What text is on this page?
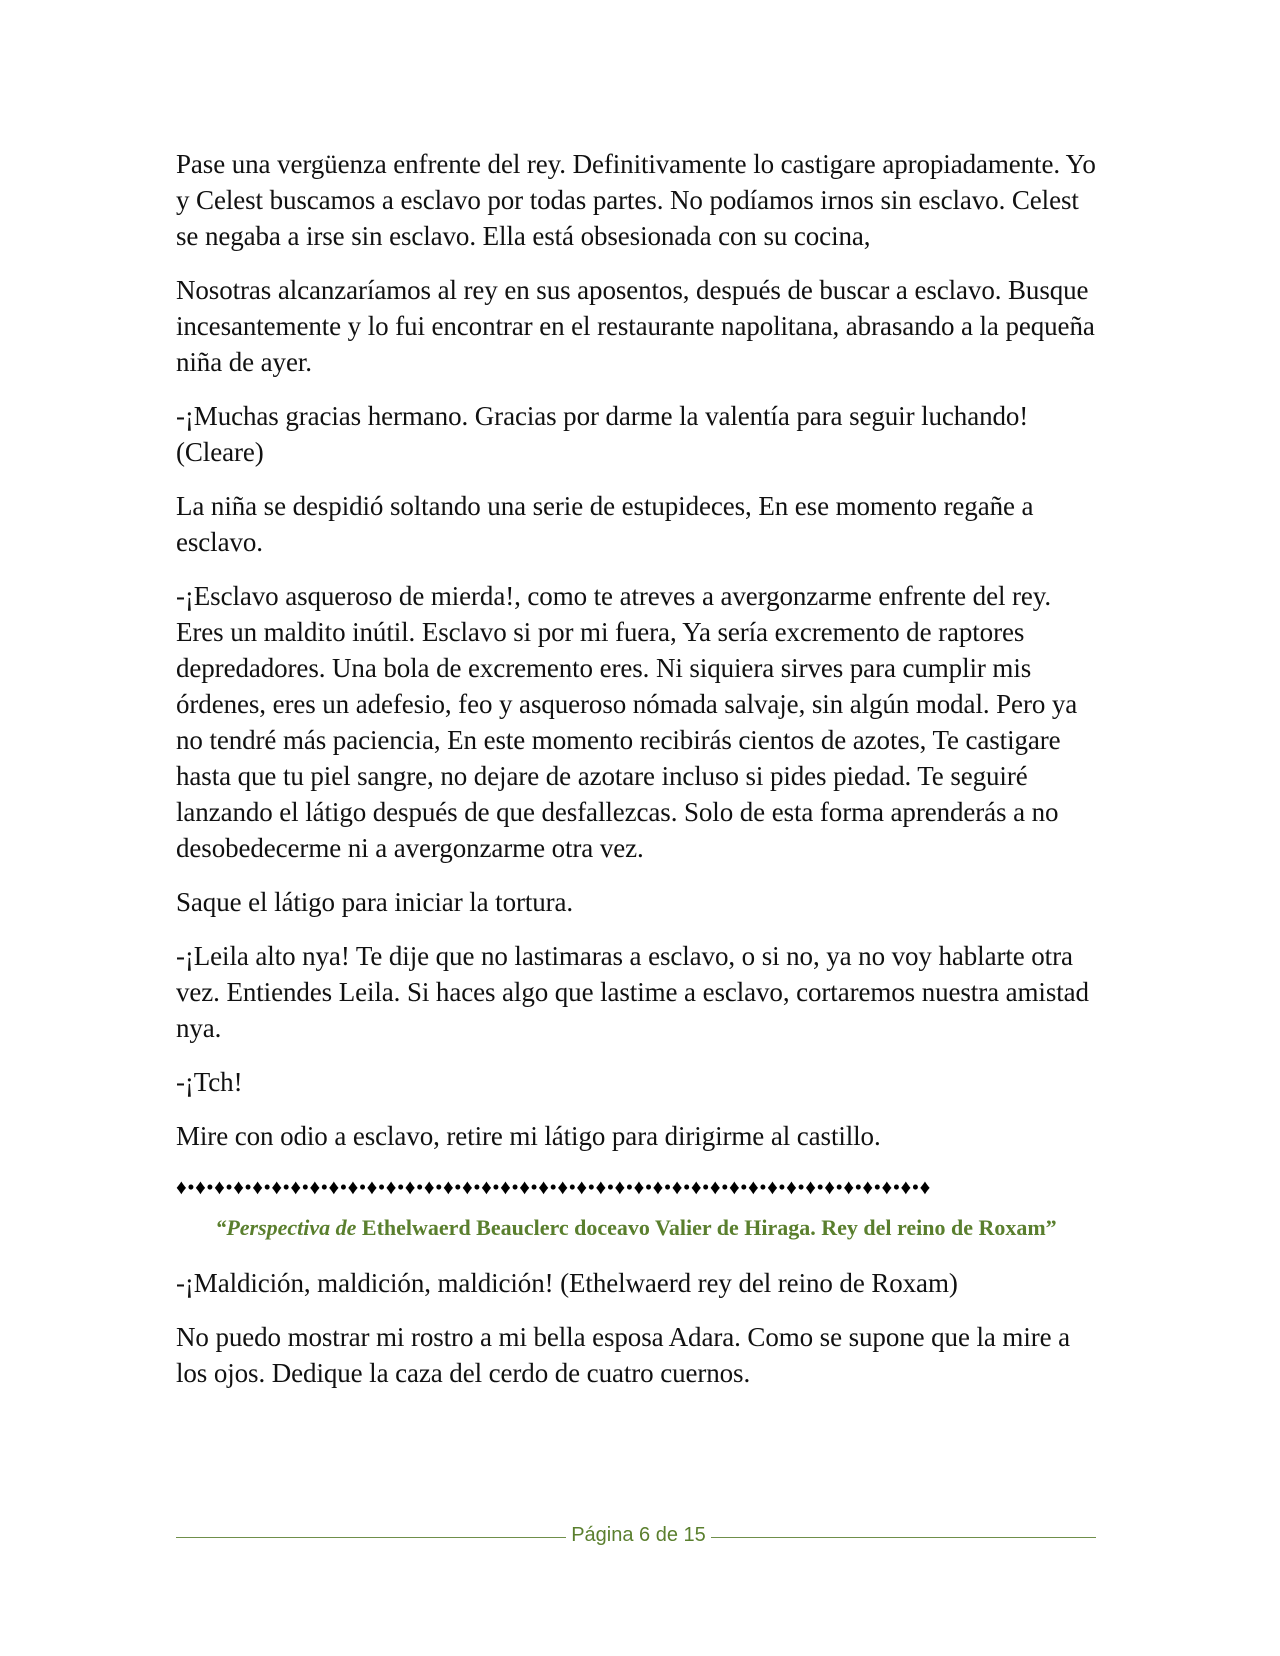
Pase una vergüenza enfrente del rey. Definitivamente lo castigare apropiadamente. Yo y Celest buscamos a esclavo por todas partes. No podíamos irnos sin esclavo. Celest se negaba a irse sin esclavo. Ella está obsesionada con su cocina,

Nosotras alcanzaríamos al rey en sus aposentos, después de buscar a esclavo. Busque incesantemente y lo fui encontrar en el restaurante napolitana, abrasando a la pequeña niña de ayer.

-¡Muchas gracias hermano. Gracias por darme la valentía para seguir luchando! (Cleare)

La niña se despidió soltando una serie de estupideces, En ese momento regañe a esclavo.

-¡Esclavo asqueroso de mierda!, como te atreves a avergonzarme enfrente del rey. Eres un maldito inútil. Esclavo si por mi fuera, Ya sería excremento de raptores depredadores. Una bola de excremento eres. Ni siquiera sirves para cumplir mis órdenes, eres un adefesio, feo y asqueroso nómada salvaje, sin algún modal. Pero ya no tendré más paciencia, En este momento recibirás cientos de azotes, Te castigare hasta que tu piel sangre, no dejare de azotare incluso si pides piedad. Te seguiré lanzando el látigo después de que desfallezcas. Solo de esta forma aprenderás a no desobedecerme ni a avergonzarme otra vez.

Saque el látigo para iniciar la tortura.

-¡Leila alto nya! Te dije que no lastimaras a esclavo, o si no, ya no voy hablarte otra vez. Entiendes Leila. Si haces algo que lastime a esclavo, cortaremos nuestra amistad nya.

-¡Tch!

Mire con odio a esclavo, retire mi látigo para dirigirme al castillo.

♦•♦•♦•♦•♦•♦•♦•♦•♦•♦•♦•♦•♦•♦•♦•♦•♦•♦•♦•♦•♦•♦•♦•♦•♦•♦•♦•♦•♦•♦•♦•♦•♦•♦•♦•♦•♦•♦•♦•♦
“Perspectiva de Ethelwaerd Beauclerc doceavo Valier de Hiraga. Rey del reino de Roxam”

-¡Maldición, maldición, maldición! (Ethelwaerd rey del reino de Roxam)

No puedo mostrar mi rostro a mi bella esposa Adara. Como se supone que la mire a los ojos. Dedique la caza del cerdo de cuatro cuernos.

Página 6 de 15
